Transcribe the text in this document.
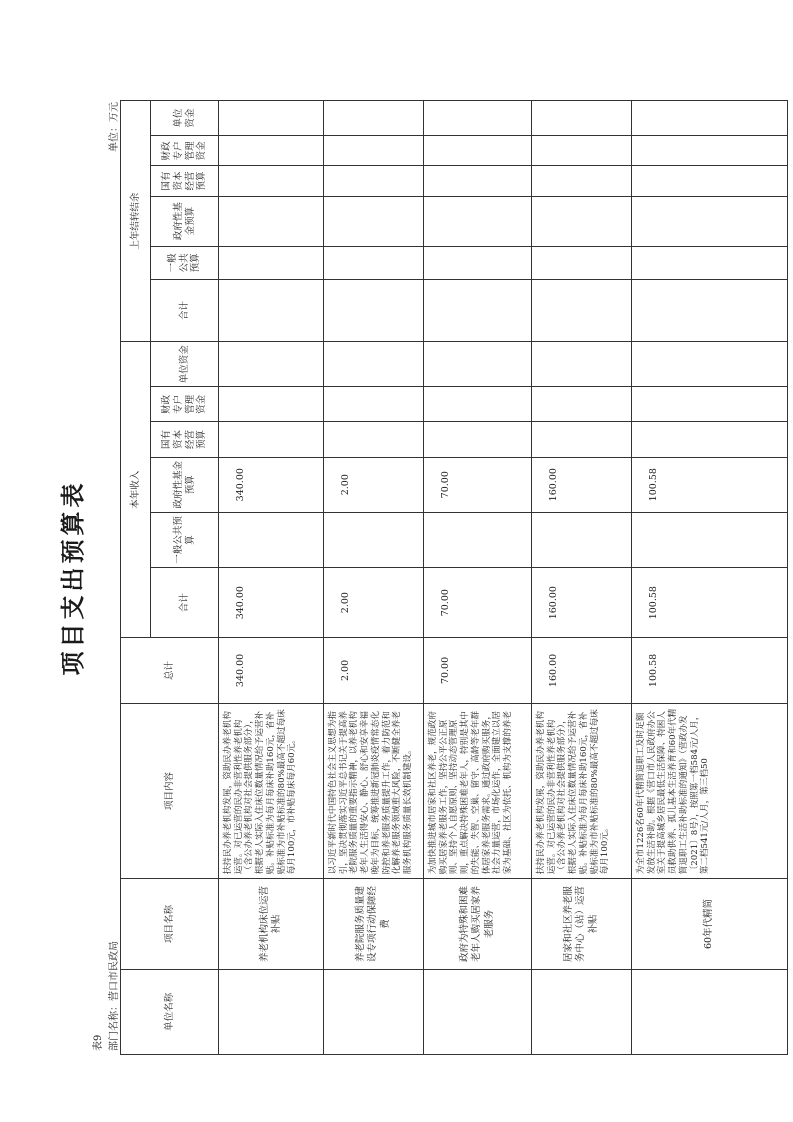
项目支出预算表
表9 部门名称：营口市民政局
单位：万元
单位名称	项目名称	项目内容	总计	本年收入						上年结转结余					
				合计	一般公共预算	政府性基金预算	国有资本经营预算	财政专户管理资金	单位资金	合计	一般公共预算	政府性基金预算	国有资本经营预算	财政专户管理资金	单位资金
	养老机构床位运营补贴	扶持民办养老机构发展，资助民办养老机构运营。对已运营的民办非营利性养老机构（含公办养老机构对社会提供服务部分），根据老人实际入住床位数量情况给予运营补贴。补贴标准为每月每床补助160元，省补贴标准为市补贴标准的80%最高不超过每床每月100元，市补贴每床每月60元。	340.00	340.00		340.00									
	养老院服务质量建设专项行动保障经费	以习近平新时代中国特色社会主义思想为指引，坚决贯彻落实习近平总书记关于提高养老院服务质量的重要指示精神，以养老机构老年人生活得安心、静心、舒心和安享幸福晚年为目标，统筹推进新冠肺炎疫情常态化防控和养老服务质量提升工作，着力防范和化解养老服务领域重大风险，不断健全养老服务机构服务质量长效机制建设。	2.00	2.00		2.00									
	政府为特殊和困难老年人购买居家养老服务	为加快推进城市居家和社区养老，规范政府购买居家养老服务工作，坚持公平公正原则、坚持个人自愿原则、坚持动态管理原则，重点解决特殊困难老年人，特别是其中的失能、失智、空巢、留守、高龄等老年群体居家养老服务需求。通过政府购买服务，社会力量运营，市场化运作，全面建立以居家为基础、社区为依托、机构为支撑的养老	70.00	70.00		70.00									
	居家和社区养老服务中心（站）运营补贴	扶持民办养老机构发展，资助民办养老机构运营。对已运营的民办非营利性养老机构（含公办养老机构对社会提供服务部分），根据老人实际入住床位数量情况给予运营补贴。补贴标准为每月每床补助160元，省补贴标准为市补贴标准的80%最高不超过每床每月100元。	160.00	160.00		160.00									
	60年代精简	为全市1226名60年代精简退职工及时足额发放生活补助。根据《营口市人民政府办公室关于提高城乡居民最低生活保障、特困人员救助供养、孤儿基本生活养育和60年代精简退职工生活补助标准的通知》（营政办发〔2021〕8号），按照第一档584元/人月，第二档541元/人月，第三档50	100.58	100.58		100.58									
